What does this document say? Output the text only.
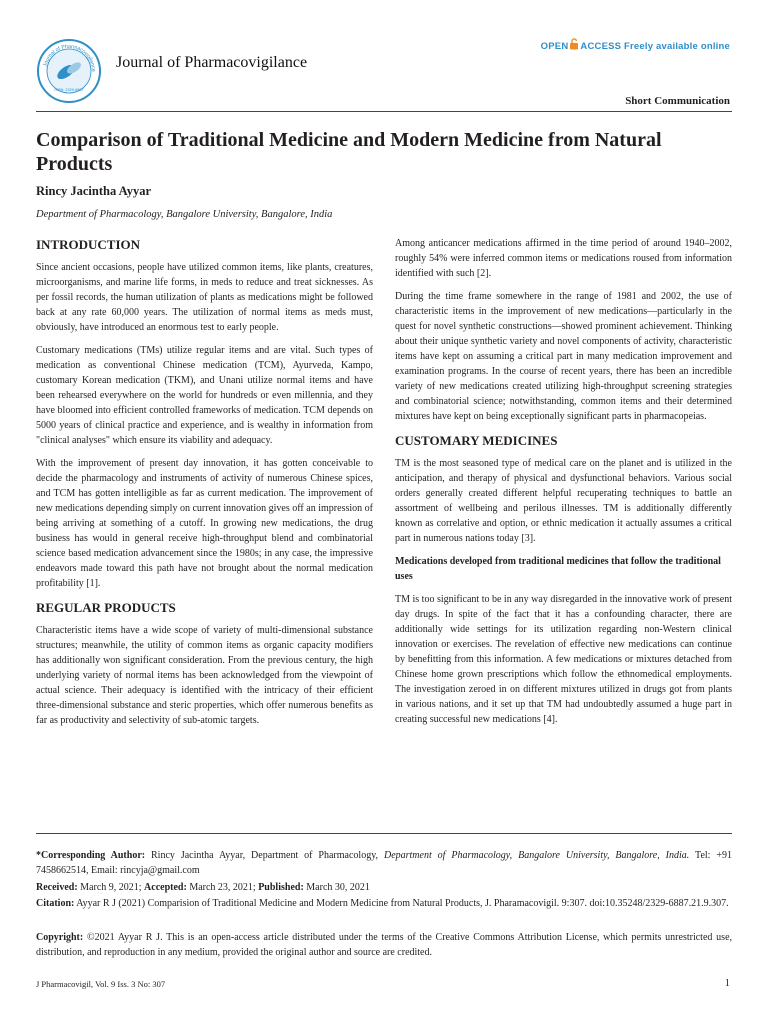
Journal of Pharmacovigilance
ISSN: 2329-6887
Journal of Pharmacovigilance
OPEN ACCESS Freely available online
Short Communication
Comparison of Traditional Medicine and Modern Medicine from Natural Products
Rincy Jacintha Ayyar
Department of Pharmacology, Bangalore University, Bangalore, India
INTRODUCTION

Since ancient occasions, people have utilized common items, like plants, creatures, microorganisms, and marine life forms, in meds to reduce and treat sicknesses. As per fossil records, the human utilization of plants as medications might be followed back at any rate 60,000 years. The utilization of normal items as meds must, obviously, have introduced an enormous test to early people.

Customary medications (TMs) utilize regular items and are vital. Such types of medication as conventional Chinese medication (TCM), Ayurveda, Kampo, customary Korean medication (TKM), and Unani utilize normal items and have been rehearsed everywhere on the world for hundreds or even millennia, and they have bloomed into efficient controlled frameworks of medication. TCM depends on 5000 years of clinical practice and experience, and is wealthy in information from "clinical analyses" which ensure its viability and adequacy.

With the improvement of present day innovation, it has gotten conceivable to decide the pharmacology and instruments of activity of numerous Chinese spices, and TCM has gotten intelligible as far as current medication. The improvement of new medications depending simply on current innovation gives off an impression of being arriving at something of a cutoff. In growing new medications, the drug business has would in general receive high-throughput blend and combinatorial science based medication advancement since the 1980s; in any case, the impressive endeavors made toward this path have not brought about the normal medication profitability [1].

REGULAR PRODUCTS

Characteristic items have a wide scope of variety of multi-dimensional substance structures; meanwhile, the utility of common items as organic capacity modifiers has additionally won significant consideration. From the previous century, the high underlying variety of normal items has been acknowledged from the viewpoint of actual science. Their adequacy is identified with the intricacy of their efficient three-dimensional substance and steric properties, which offer numerous benefits as far as productivity and selectivity of sub-atomic targets.

Among anticancer medications affirmed in the time period of around 1940–2002, roughly 54% were inferred common items or medications roused from information identified with such [2].

During the time frame somewhere in the range of 1981 and 2002, the use of characteristic items in the improvement of new medications—particularly in the quest for novel synthetic constructions—showed prominent achievement. Thinking about their unique synthetic variety and novel components of activity, characteristic items have kept on assuming a critical part in many medication improvement and examination programs. In the course of recent years, there has been an incredible variety of new medications created utilizing high-throughput screening strategies and combinatorial science; notwithstanding, common items and their determined mixtures have kept on being exceptionally significant parts in pharmacopeias.

CUSTOMARY MEDICINES

TM is the most seasoned type of medical care on the planet and is utilized in the anticipation, and therapy of physical and dysfunctional behaviors. Various social orders generally created different helpful recuperating techniques to battle an assortment of wellbeing and perilous illnesses. TM is additionally differently known as correlative and option, or ethnic medication it actually assumes a critical part in numerous nations today [3].

Medications developed from traditional medicines that follow the traditional uses

TM is too significant to be in any way disregarded in the innovative work of present day drugs. In spite of the fact that it has a confounding character, there are additionally wide settings for its utilization regarding non-Western clinical innovation or exercises. The revelation of effective new medications can continue by benefitting from this information. A few medications or mixtures detached from Chinese home grown prescriptions which follow the ethnomedical employments. The investigation zeroed in on different mixtures utilized in drugs got from plants in various nations, and it set up that TM had undoubtedly assumed a huge part in creating successful new medications [4].

*Corresponding Author: Rincy Jacintha Ayyar, Department of Pharmacology, Department of Pharmacology, Bangalore University, Bangalore, India. Tel: +91 7458662514, Email: rincyja@gmail.com
Received: March 9, 2021; Accepted: March 23, 2021; Published: March 30, 2021
Citation: Ayyar R J (2021) Comparision of Traditional Medicine and Modern Medicine from Natural Products, J. Pharamacovigil. 9:307. doi:10.35248/2329-6887.21.9.307.
Copyright: ©2021 Ayyar R J. This is an open-access article distributed under the terms of the Creative Commons Attribution License, which permits unrestricted use, distribution, and reproduction in any medium, provided the original author and source are credited.
J Pharmacovigil, Vol. 9 Iss. 3 No: 307	1
